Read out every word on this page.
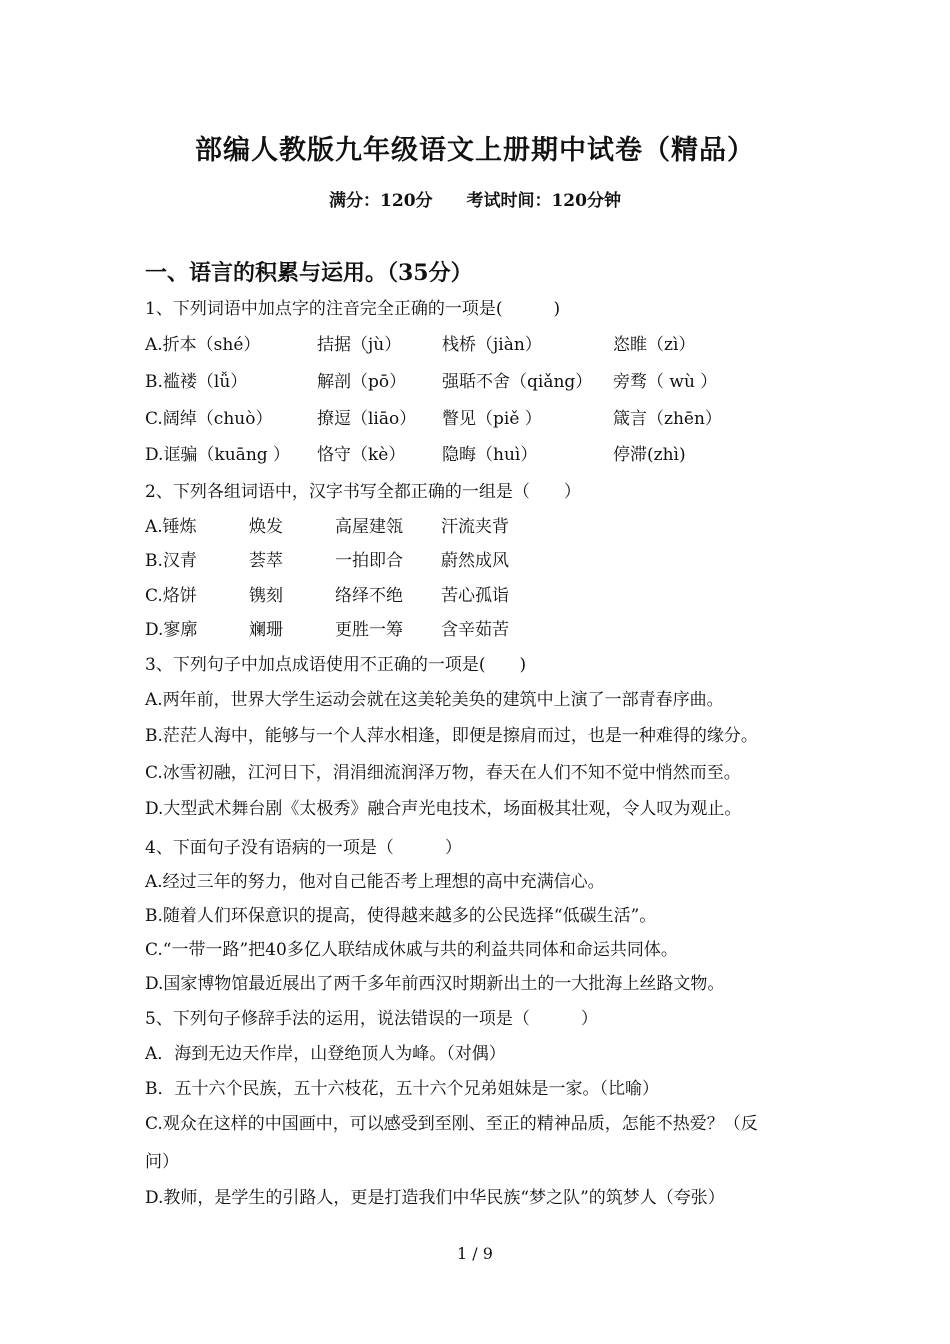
部编人教版九年级语文上册期中试卷（精品）
满分：120分 考试时间：120分钟
一、语言的积累与运用。（35分）
1、下列词语中加点字的注音完全正确的一项是(　　　)
A.折本（shé）	拮据（jù） 栈桥（jiàn）	恣睢（zì）
B.褴褛（lǚ）	解剖（pō） 强聒不舍（qiǎng） 旁骛（ wù ）
C.阔绰（chuò）	撩逗（liāo） 瞥见（piě ）	箴言（zhēn）
D.诓骗（kuāng ） 恪守（kè） 隐晦（huì）	停滞(zhì)
2、下列各组词语中，汉字书写全都正确的一组是（　　）
A.锤炼	焕发	高屋建瓴 汗流夹背
B.汉青	荟萃	一拍即合 蔚然成风
C.烙饼	镌刻	络绎不绝 苦心孤诣
D.寥廓	斓珊	更胜一筹 含辛茹苦
3、下列句子中加点成语使用不正确的一项是(　　)
A.两年前，世界大学生运动会就在这美轮美奂的建筑中上演了一部青春序曲。
B.茫茫人海中，能够与一个人萍水相逢，即便是擦肩而过，也是一种难得的缘分。
C.冰雪初融，江河日下，涓涓细流润泽万物，春天在人们不知不觉中悄然而至。
D.大型武术舞台剧《太极秀》融合声光电技术，场面极其壮观，令人叹为观止。
4、下面句子没有语病的一项是（　　　）
A.经过三年的努力，他对自己能否考上理想的高中充满信心。
B.随着人们环保意识的提高，使得越来越多的公民选择“低碳生活”。
C.“一带一路”把40多亿人联结成休戚与共的利益共同体和命运共同体。
D.国家博物馆最近展出了两千多年前西汉时期新出土的一大批海上丝路文物。
5、下列句子修辞手法的运用，说法错误的一项是（　　　）
A．海到无边天作岸，山登绝顶人为峰。（对偶）
B．五十六个民族，五十六枝花，五十六个兄弟姐妹是一家。（比喻）
C.观众在这样的中国画中，可以感受到至刚、至正的精神品质，怎能不热爱？（反
问）
D.教师，是学生的引路人，更是打造我们中华民族“梦之队”的筑梦人（夸张）
1 / 9
